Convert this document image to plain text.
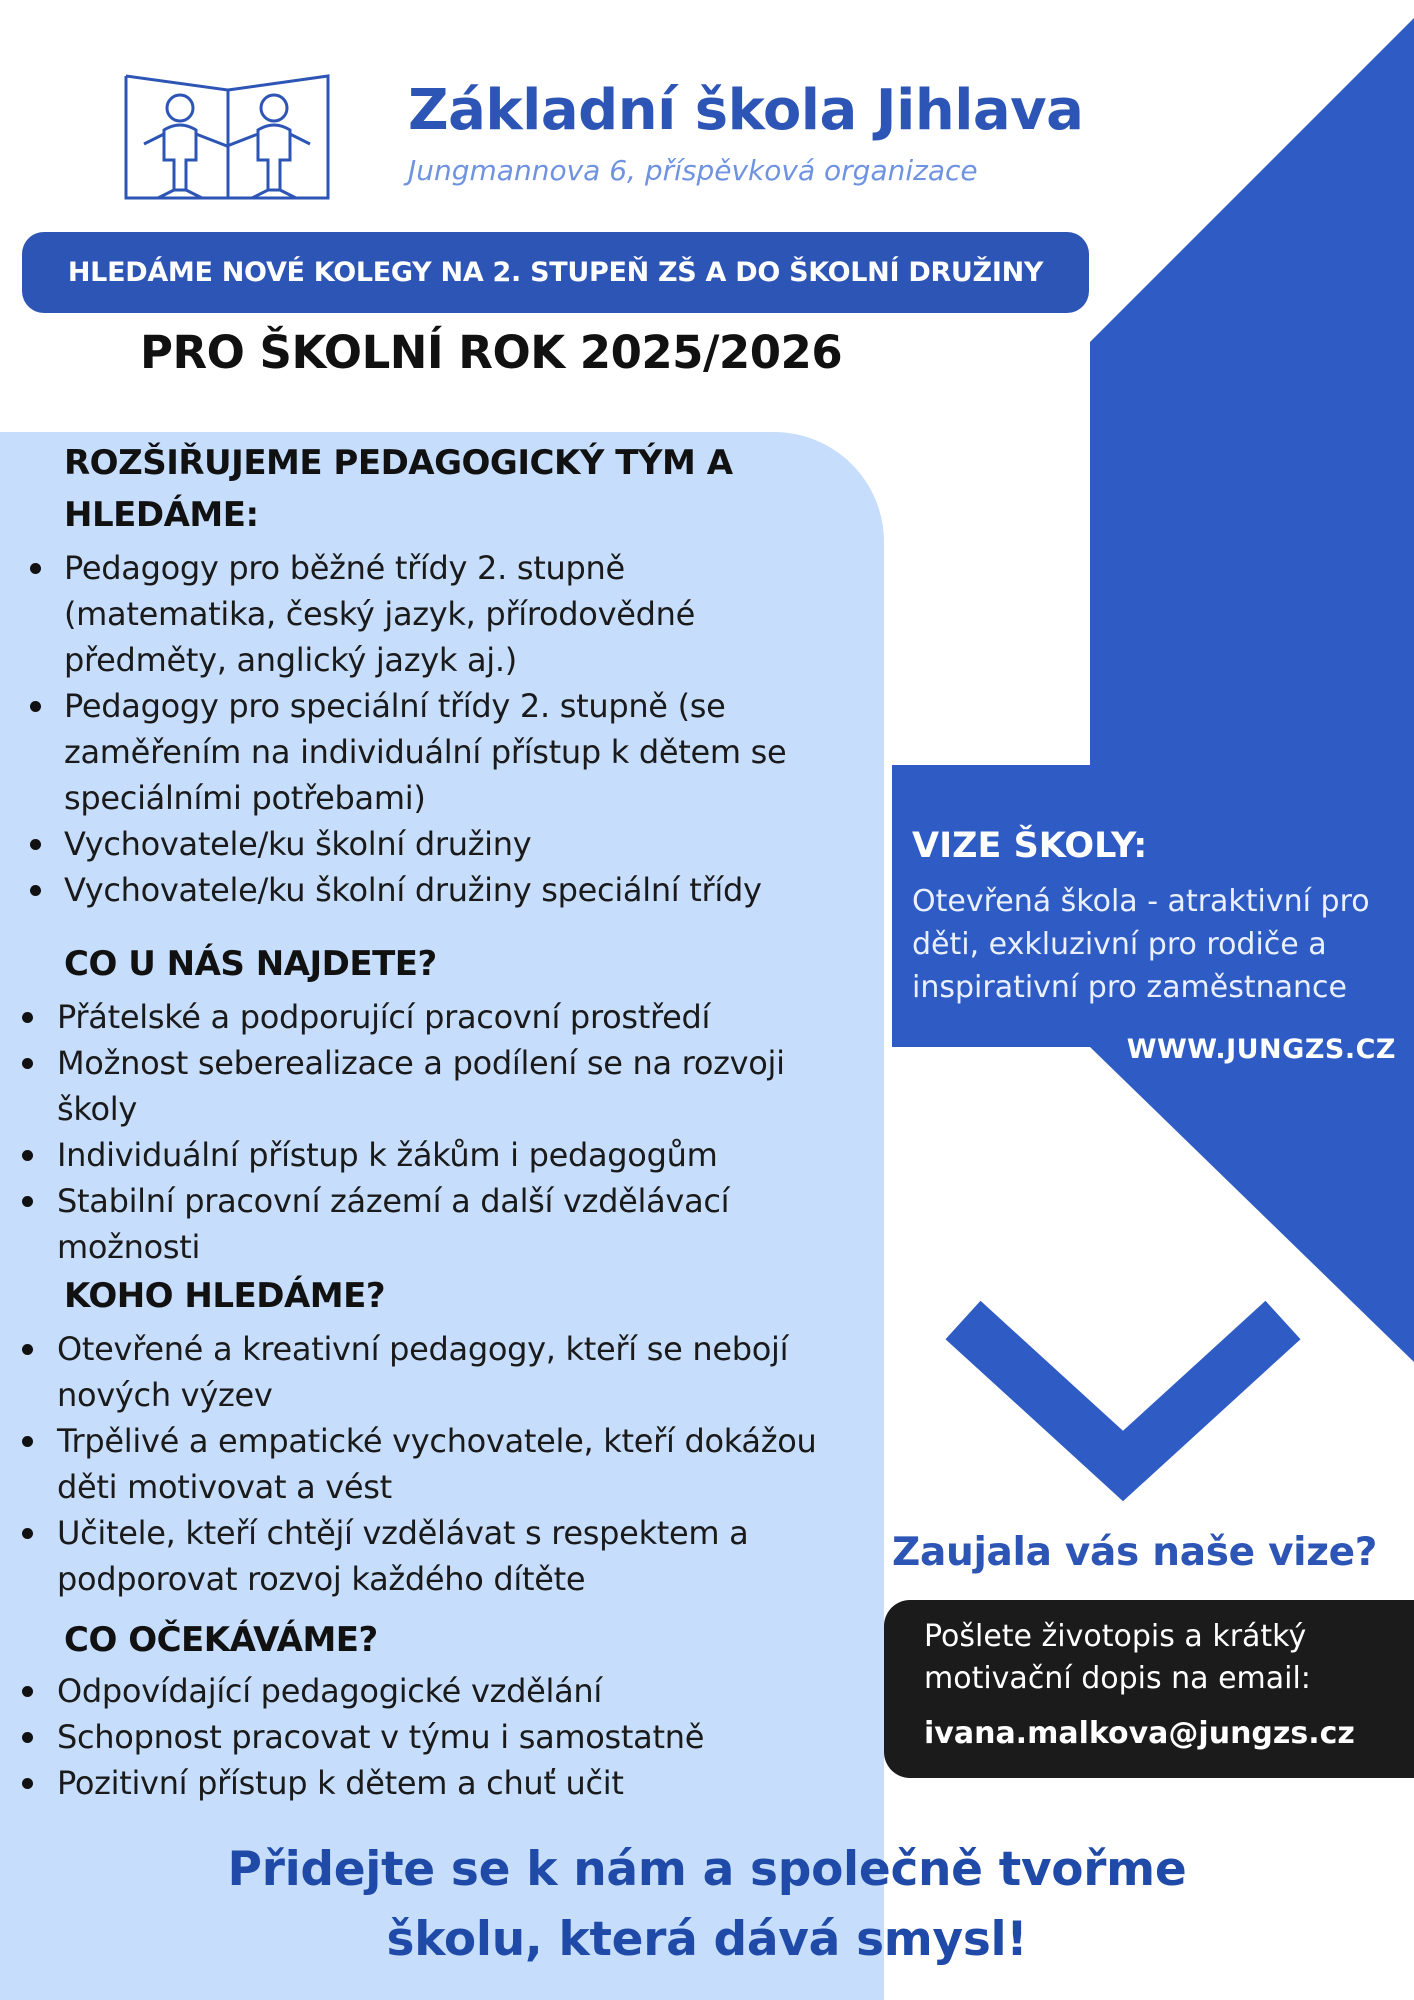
Základní škola Jihlava
Jungmannova 6, příspěvková organizace
HLEDÁME NOVÉ KOLEGY NA 2. STUPEŇ ZŠ A DO ŠKOLNÍ DRUŽINY
PRO ŠKOLNÍ ROK 2025/2026
ROZŠIŘUJEME PEDAGOGICKÝ TÝM A
HLEDÁME:
Pedagogy pro běžné třídy 2. stupně (matematika, český jazyk, přírodovědné předměty, anglický jazyk aj.)
Pedagogy pro speciální třídy 2. stupně (se zaměřením na individuální přístup k dětem se speciálními potřebami)
Vychovatele/ku školní družiny
Vychovatele/ku školní družiny speciální třídy
CO U NÁS NAJDETE?
Přátelské a podporující pracovní prostředí
Možnost seberealizace a podílení se na rozvoji školy
Individuální přístup k žákům i pedagogům
Stabilní pracovní zázemí a další vzdělávací možnosti
KOHO HLEDÁME?
Otevřené a kreativní pedagogy, kteří se nebojí nových výzev
Trpělivé a empatické vychovatele, kteří dokážou děti motivovat a vést
Učitele, kteří chtějí vzdělávat s respektem a podporovat rozvoj každého dítěte
CO OČEKÁVÁME?
Odpovídající pedagogické vzdělání
Schopnost pracovat v týmu i samostatně
Pozitivní přístup k dětem a chuť učit
VIZE ŠKOLY:
Otevřená škola - atraktivní pro děti, exkluzivní pro rodiče a inspirativní pro zaměstnance
WWW.JUNGZS.CZ
Zaujala vás naše vize?
Pošlete životopis a krátký motivační dopis na email:
ivana.malkova@jungzs.cz
Přidejte se k nám a společně tvořme
školu, která dává smysl!
